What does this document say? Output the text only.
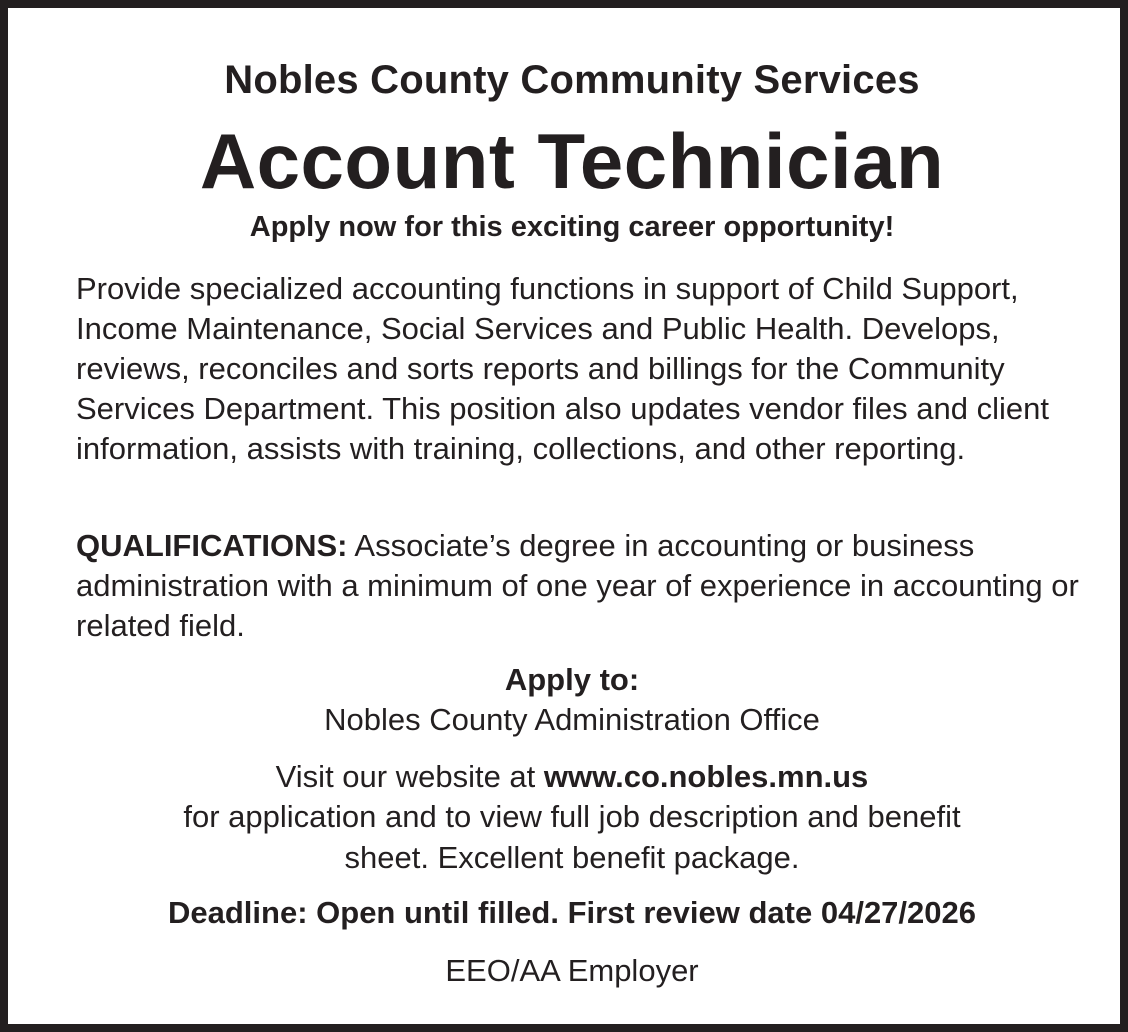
Nobles County Community Services
Account Technician
Apply now for this exciting career opportunity!

Provide specialized accounting functions in support of Child Support, Income Maintenance, Social Services and Public Health. Develops, reviews, reconciles and sorts reports and billings for the Community Services Department. This position also updates vendor files and client information, assists with training, collections, and other reporting.

QUALIFICATIONS: Associate’s degree in accounting or business administration with a minimum of one year of experience in accounting or related field.

Apply to:
Nobles County Administration Office
Visit our website at www.co.nobles.mn.us
for application and to view full job description and benefit
sheet. Excellent benefit package.
Deadline: Open until filled. First review date 04/27/2026
EEO/AA Employer
